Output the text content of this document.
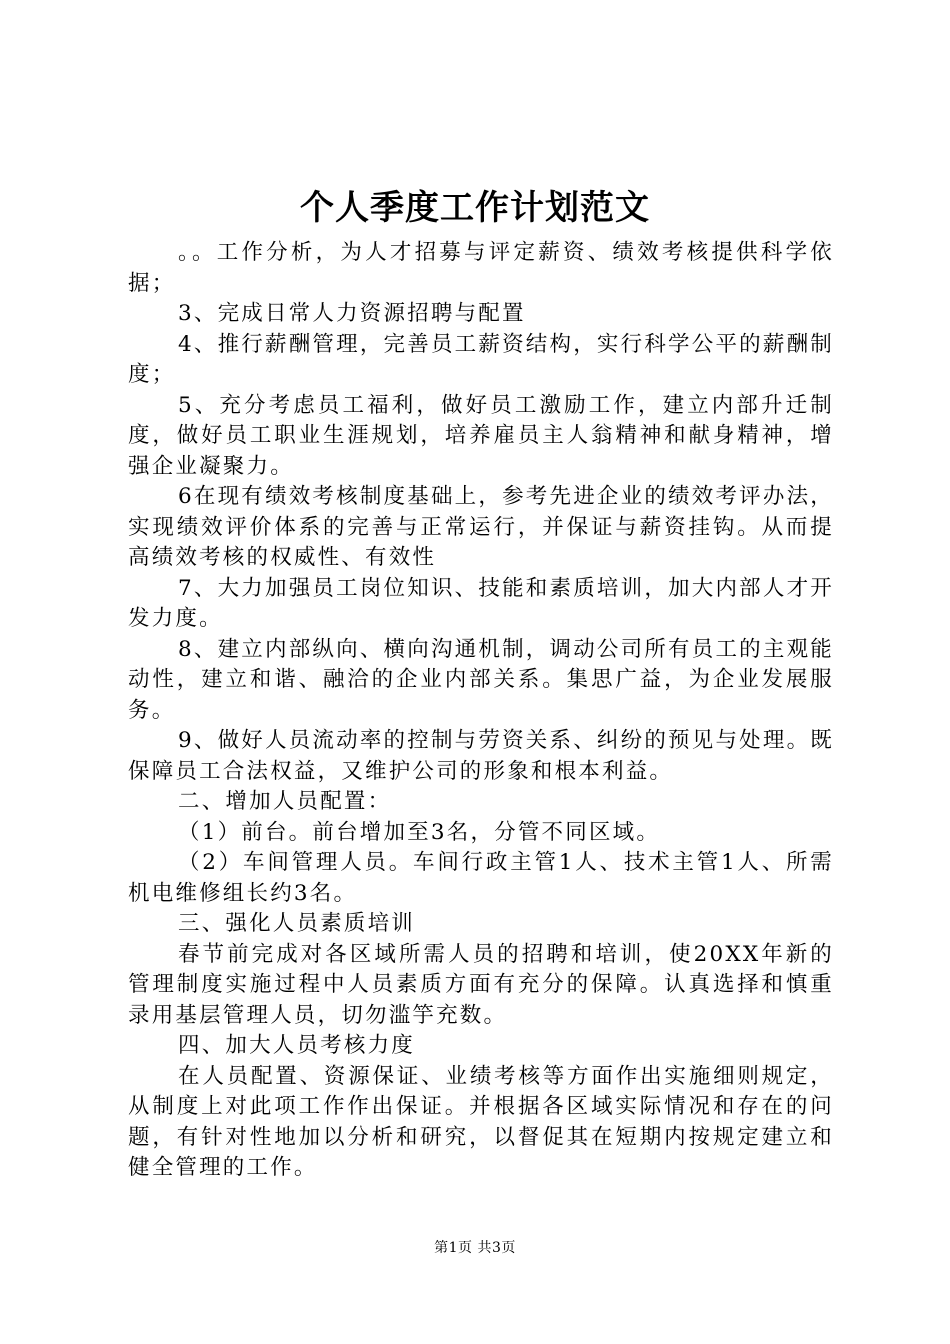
个人季度工作计划范文

。。工作分析，为人才招募与评定薪资、绩效考核提供科学依据；

3、完成日常人力资源招聘与配置

4、推行薪酬管理，完善员工薪资结构，实行科学公平的薪酬制度；

5、充分考虑员工福利，做好员工激励工作，建立内部升迁制度，做好员工职业生涯规划，培养雇员主人翁精神和献身精神，增强企业凝聚力。

6在现有绩效考核制度基础上，参考先进企业的绩效考评办法，实现绩效评价体系的完善与正常运行，并保证与薪资挂钩。从而提高绩效考核的权威性、有效性

7、大力加强员工岗位知识、技能和素质培训，加大内部人才开发力度。

8、建立内部纵向、横向沟通机制，调动公司所有员工的主观能动性，建立和谐、融洽的企业内部关系。集思广益，为企业发展服务。

9、做好人员流动率的控制与劳资关系、纠纷的预见与处理。既保障员工合法权益，又维护公司的形象和根本利益。

二、增加人员配置：

（1）前台。前台增加至3名，分管不同区域。

（2）车间管理人员。车间行政主管1人、技术主管1人、所需机电维修组长约3名。

三、强化人员素质培训

春节前完成对各区域所需人员的招聘和培训，使20XX年新的管理制度实施过程中人员素质方面有充分的保障。认真选择和慎重录用基层管理人员，切勿滥竽充数。

四、加大人员考核力度

在人员配置、资源保证、业绩考核等方面作出实施细则规定，从制度上对此项工作作出保证。并根据各区域实际情况和存在的问题，有针对性地加以分析和研究，以督促其在短期内按规定建立和健全管理的工作。

第1页 共3页
